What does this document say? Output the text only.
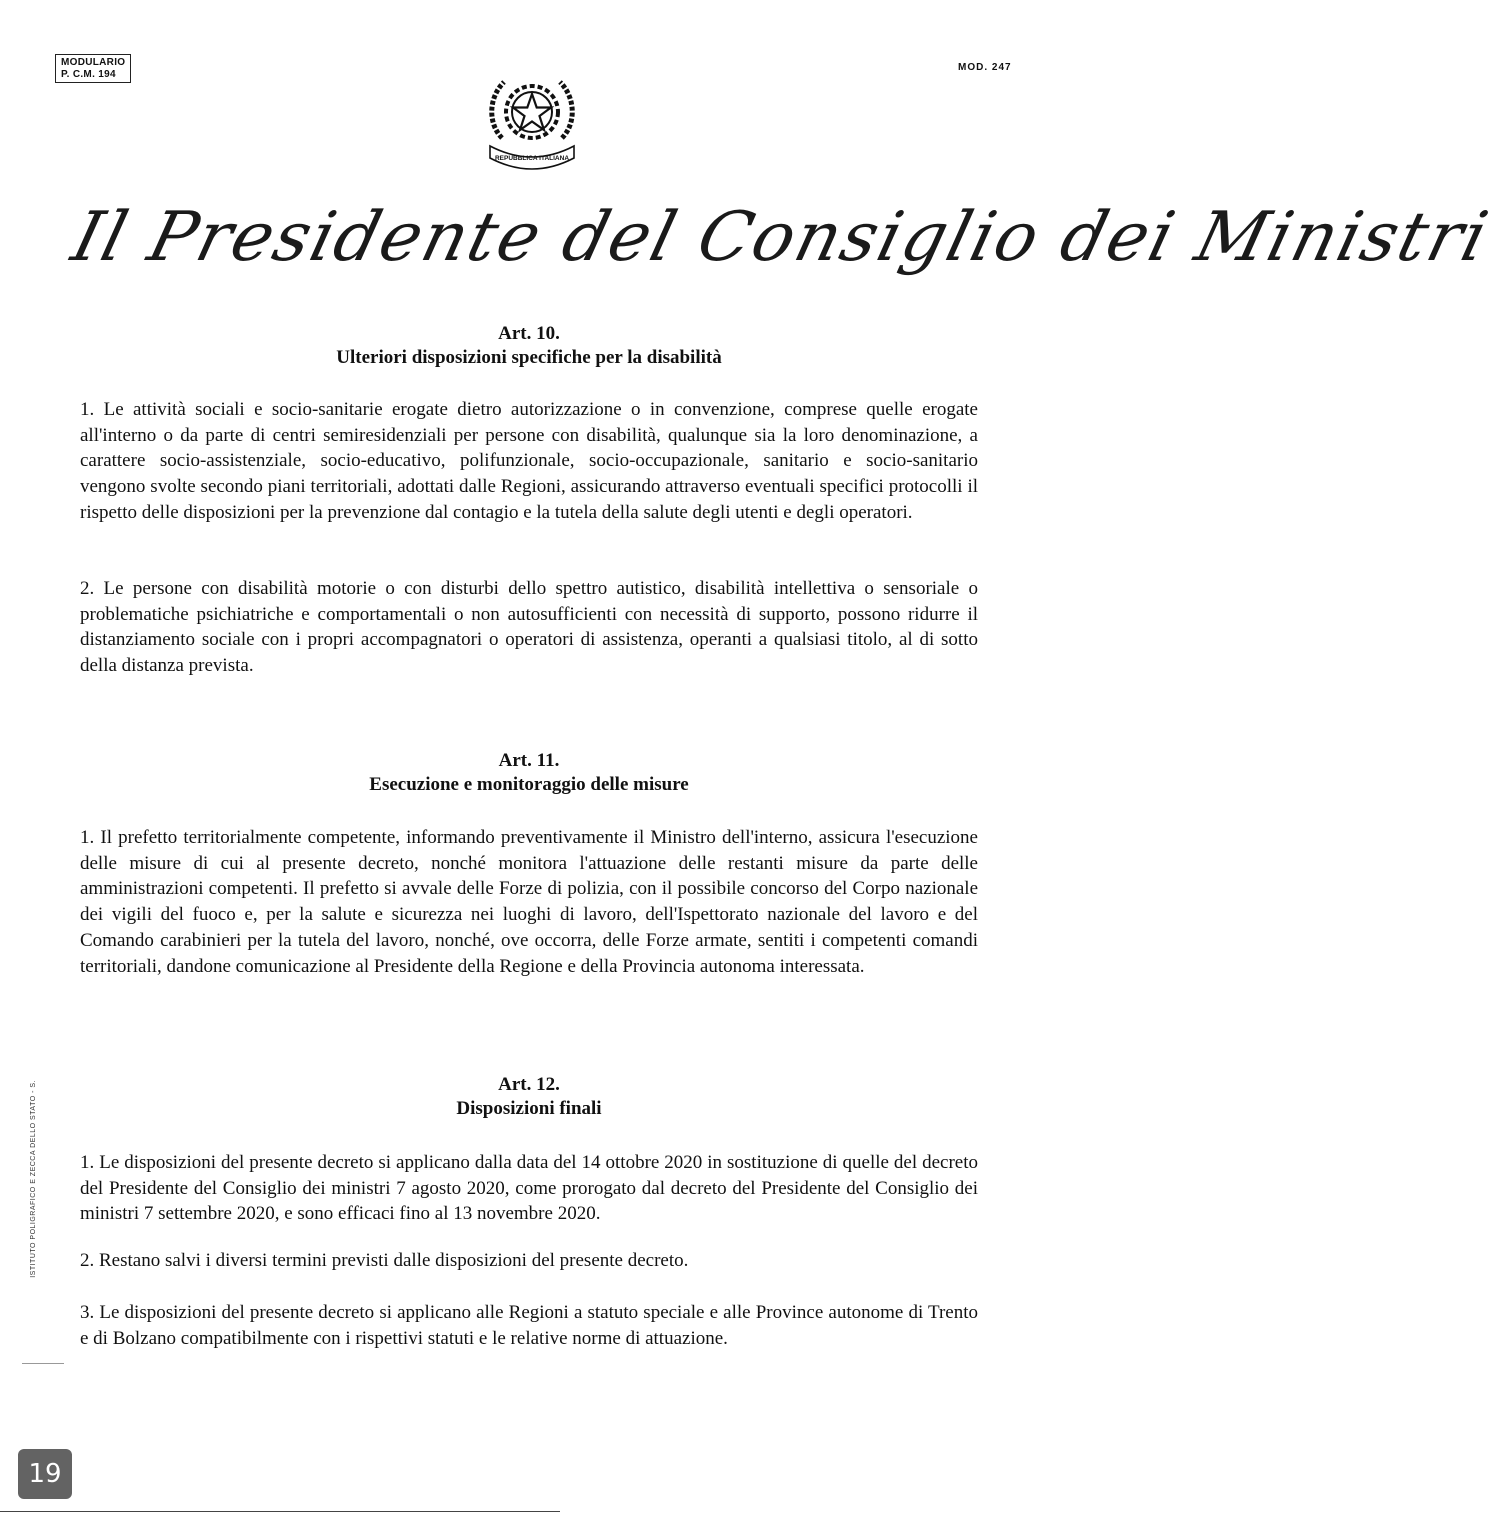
MODULARIO
P. C.M. 194
MOD. 247
REPUBBLICA ITALIANA
Il Presidente del Consiglio dei Ministri
Art. 10.
Ulteriori disposizioni specifiche per la disabilità

1. Le attività sociali e socio-sanitarie erogate dietro autorizzazione o in convenzione, comprese quelle erogate all'interno o da parte di centri semiresidenziali per persone con disabilità, qualunque sia la loro denominazione, a carattere socio-assistenziale, socio-educativo, polifunzionale, socio-occupazionale, sanitario e socio-sanitario vengono svolte secondo piani territoriali, adottati dalle Regioni, assicurando attraverso eventuali specifici protocolli il rispetto delle disposizioni per la prevenzione dal contagio e la tutela della salute degli utenti e degli operatori.

2. Le persone con disabilità motorie o con disturbi dello spettro autistico, disabilità intellettiva o sensoriale o problematiche psichiatriche e comportamentali o non autosufficienti con necessità di supporto, possono ridurre il distanziamento sociale con i propri accompagnatori o operatori di assistenza, operanti a qualsiasi titolo, al di sotto della distanza prevista.

Art. 11.
Esecuzione e monitoraggio delle misure

1. Il prefetto territorialmente competente, informando preventivamente il Ministro dell'interno, assicura l'esecuzione delle misure di cui al presente decreto, nonché monitora l'attuazione delle restanti misure da parte delle amministrazioni competenti. Il prefetto si avvale delle Forze di polizia, con il possibile concorso del Corpo nazionale dei vigili del fuoco e, per la salute e sicurezza nei luoghi di lavoro, dell'Ispettorato nazionale del lavoro e del Comando carabinieri per la tutela del lavoro, nonché, ove occorra, delle Forze armate, sentiti i competenti comandi territoriali, dandone comunicazione al Presidente della Regione e della Provincia autonoma interessata.

Art. 12.
Disposizioni finali

1. Le disposizioni del presente decreto si applicano dalla data del 14 ottobre 2020 in sostituzione di quelle del decreto del Presidente del Consiglio dei ministri 7 agosto 2020, come prorogato dal decreto del Presidente del Consiglio dei ministri 7 settembre 2020, e sono efficaci fino al 13 novembre 2020.

2. Restano salvi i diversi termini previsti dalle disposizioni del presente decreto.

3. Le disposizioni del presente decreto si applicano alle Regioni a statuto speciale e alle Province autonome di Trento e di Bolzano compatibilmente con i rispettivi statuti e le relative norme di attuazione.

ISTITUTO POLIGRAFICO E ZECCA DELLO STATO - S.
19
